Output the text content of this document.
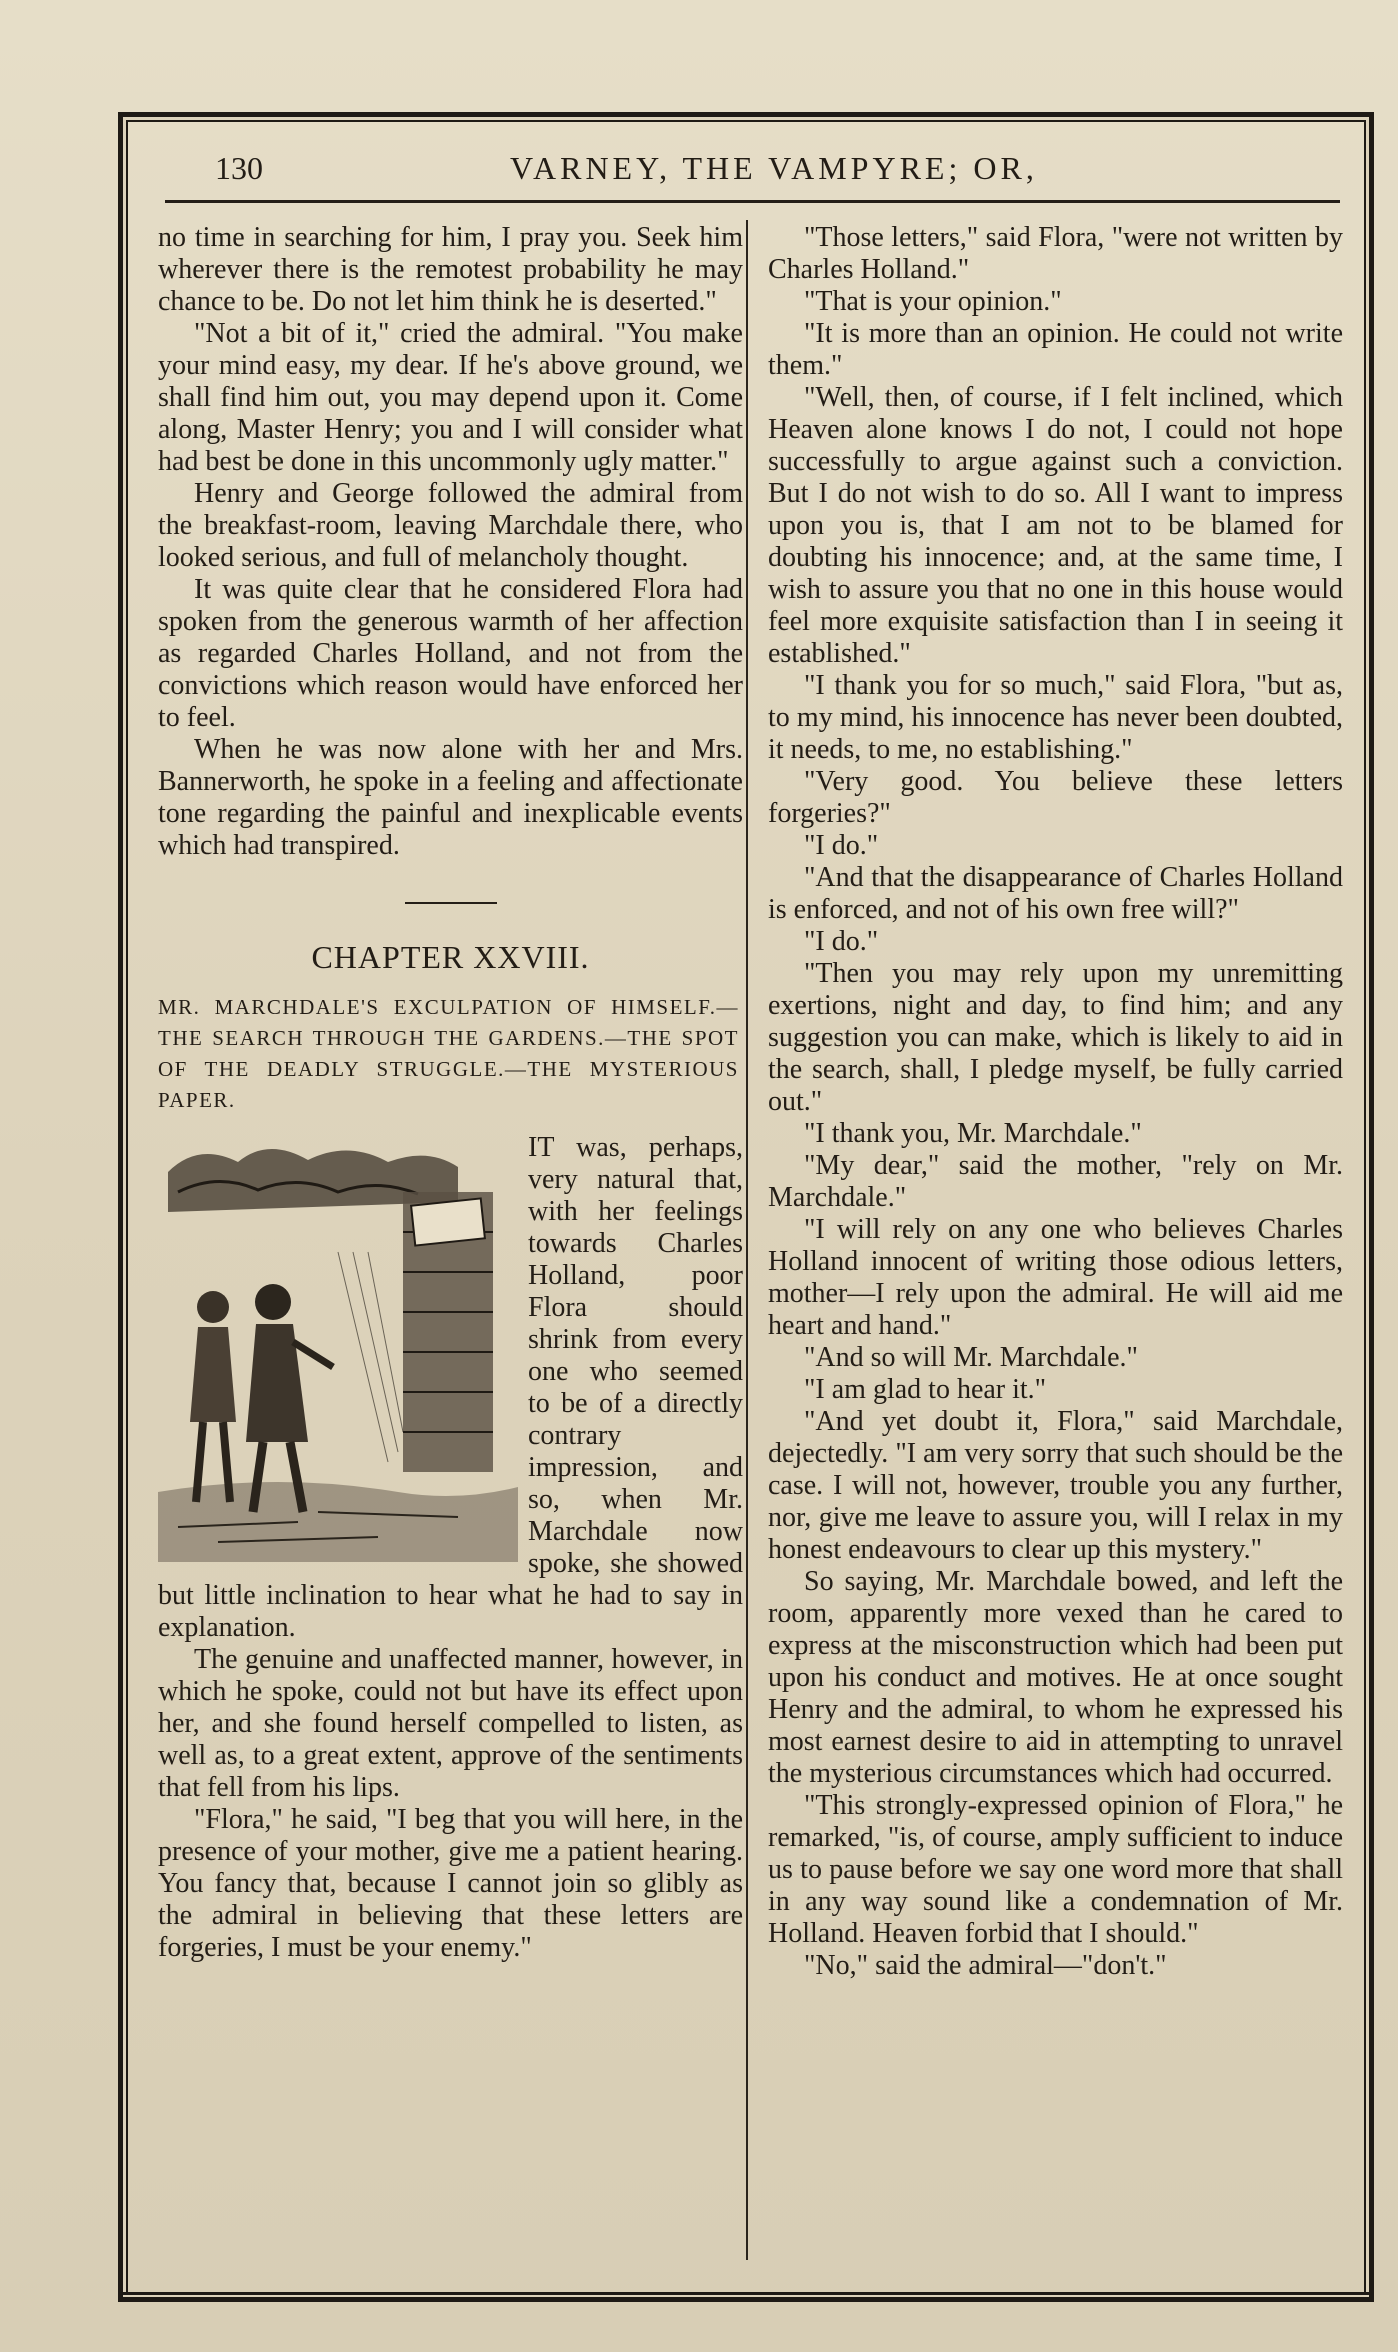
130	VARNEY, THE VAMPYRE; OR,

no time in searching for him, I pray you. Seek him wherever there is the remotest probability he may chance to be. Do not let him think he is deserted."

"Not a bit of it," cried the admiral. "You make your mind easy, my dear. If he's above ground, we shall find him out, you may depend upon it. Come along, Master Henry; you and I will consider what had best be done in this uncommonly ugly matter."

Henry and George followed the admiral from the breakfast-room, leaving Marchdale there, who looked serious, and full of melancholy thought.

It was quite clear that he considered Flora had spoken from the generous warmth of her affection as regarded Charles Holland, and not from the convictions which reason would have enforced her to feel.

When he was now alone with her and Mrs. Bannerworth, he spoke in a feeling and affectionate tone regarding the painful and inexplicable events which had transpired.

CHAPTER XXVIII.
MR. MARCHDALE'S EXCULPATION OF HIMSELF.—THE SEARCH THROUGH THE GARDENS.—THE SPOT OF THE DEADLY STRUGGLE.—THE MYSTERIOUS PAPER.

IT was, perhaps, very natural that, with her feelings towards Charles Holland, poor Flora should shrink from every one who seemed to be of a directly contrary impression, and so, when Mr. Marchdale now spoke, she showed but little inclination to hear what he had to say in explanation.

The genuine and unaffected manner, however, in which he spoke, could not but have its effect upon her, and she found herself compelled to listen, as well as, to a great extent, approve of the sentiments that fell from his lips.

"Flora," he said, "I beg that you will here, in the presence of your mother, give me a patient hearing. You fancy that, because I cannot join so glibly as the admiral in believing that these letters are forgeries, I must be your enemy."

"Those letters," said Flora, "were not written by Charles Holland."

"That is your opinion."

"It is more than an opinion. He could not write them."

"Well, then, of course, if I felt inclined, which Heaven alone knows I do not, I could not hope successfully to argue against such a conviction. But I do not wish to do so. All I want to impress upon you is, that I am not to be blamed for doubting his innocence; and, at the same time, I wish to assure you that no one in this house would feel more exquisite satisfaction than I in seeing it established."

"I thank you for so much," said Flora, "but as, to my mind, his innocence has never been doubted, it needs, to me, no establishing."

"Very good. You believe these letters forgeries?"

"I do."

"And that the disappearance of Charles Holland is enforced, and not of his own free will?"

"I do."

"Then you may rely upon my unremitting exertions, night and day, to find him; and any suggestion you can make, which is likely to aid in the search, shall, I pledge myself, be fully carried out."

"I thank you, Mr. Marchdale."

"My dear," said the mother, "rely on Mr. Marchdale."

"I will rely on any one who believes Charles Holland innocent of writing those odious letters, mother—I rely upon the admiral. He will aid me heart and hand."

"And so will Mr. Marchdale."

"I am glad to hear it."

"And yet doubt it, Flora," said Marchdale, dejectedly. "I am very sorry that such should be the case. I will not, however, trouble you any further, nor, give me leave to assure you, will I relax in my honest endeavours to clear up this mystery."

So saying, Mr. Marchdale bowed, and left the room, apparently more vexed than he cared to express at the misconstruction which had been put upon his conduct and motives. He at once sought Henry and the admiral, to whom he expressed his most earnest desire to aid in attempting to unravel the mysterious circumstances which had occurred.

"This strongly-expressed opinion of Flora," he remarked, "is, of course, amply sufficient to induce us to pause before we say one word more that shall in any way sound like a condemnation of Mr. Holland. Heaven forbid that I should."

"No," said the admiral—"don't."
